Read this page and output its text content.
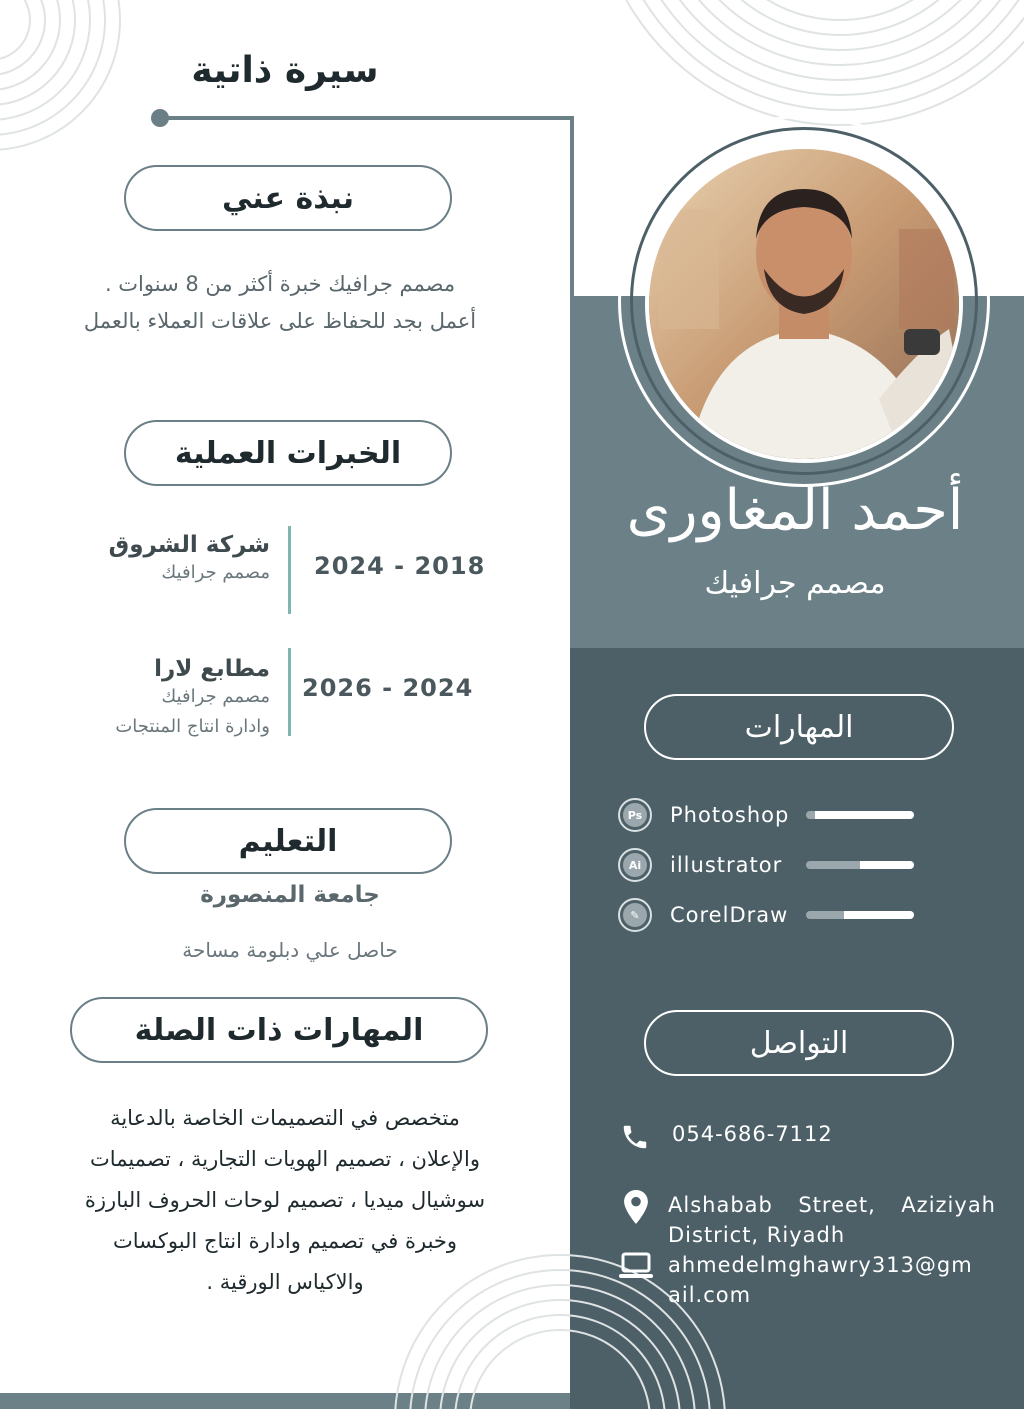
سيرة ذاتية
نبذة عني
مصمم جرافيك خبرة أكثر من 8 سنوات .
أعمل بجد للحفاظ على علاقات العملاء بالعمل
الخبرات العملية
شركة الشروق
مصمم جرافيك 2024 - 2018
مطابع لارا
مصمم جرافيك
وادارة انتاج المنتجات
2026 - 2024
التعليم
جامعة المنصورة
حاصل علي دبلومة مساحة
المهارات ذات الصلة
متخصص في التصميمات الخاصة بالدعاية
والإعلان ، تصميم الهويات التجارية ، تصميمات
سوشيال ميديا ، تصميم لوحات الحروف البارزة
وخبرة في تصميم وادارة انتاج البوكسات
والاكياس الورقية .
أحمد المغاورى
مصمم جرافيك
المهارات
Ps Photoshop
Ai illustrator
✎	CorelDraw
التواصل
054-686-7112
Alshabab Street, Aziziyah
District, Riyadh
ahmedelmghawry313@gm
ail.com
